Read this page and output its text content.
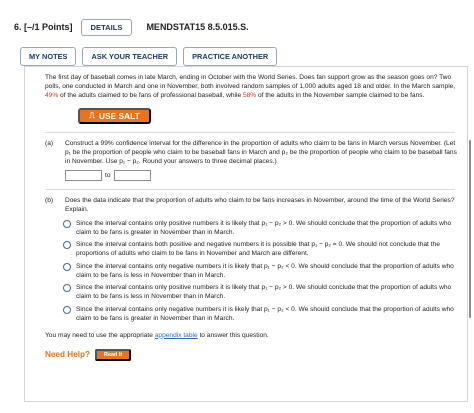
6. [–/1 Points]	DETAILS	MENDSTAT15 8.5.015.S.
MY NOTES	ASK YOUR TEACHER	PRACTICE ANOTHER

The first day of baseball comes in late March, ending in October with the World Series. Does fan support grow as the season goes on? Two polls, one conducted in March and one in November, both involved random samples of 1,000 adults aged 18 and older. In the March sample, 49% of the adults claimed to be fans of professional baseball, while 58% of the adults in the November sample claimed to be fans.

⎍ USE SALT
(a)	Construct a 99% confidence interval for the difference in the proportion of adults who claim to be fans in March versus November. (Let p₁ be the proportion of people who claim to be baseball fans in March and p₂ be the proportion of people who claim to be baseball fans in November. Use p₁ − p₂. Round your answers to three decimal places.)
to
(b)	Does the data indicate that the proportion of adults who claim to be fans increases in November, around the time of the World Series? Explain.
Since the interval contains only positive numbers it is likely that p₁ − p₂ > 0. We should conclude that the proportion of adults who claim to be fans is greater in November than in March.
Since the interval contains both positive and negative numbers it is possible that p₁ − p₂ = 0. We should not conclude that the proportions of adults who claim to be fans in November and March are different.
Since the interval contains only negative numbers it is likely that p₁ − p₂ < 0. We should conclude that the proportion of adults who claim to be fans is less in November than in March.
Since the interval contains only positive numbers it is likely that p₁ − p₂ > 0. We should conclude that the proportion of adults who claim to be fans is less in November than in March.
Since the interval contains only negative numbers it is likely that p₁ − p₂ < 0. We should conclude that the proportion of adults who claim to be fans is greater in November than in March.

You may need to use the appropriate appendix table to answer this question.

Need Help?	Read It
